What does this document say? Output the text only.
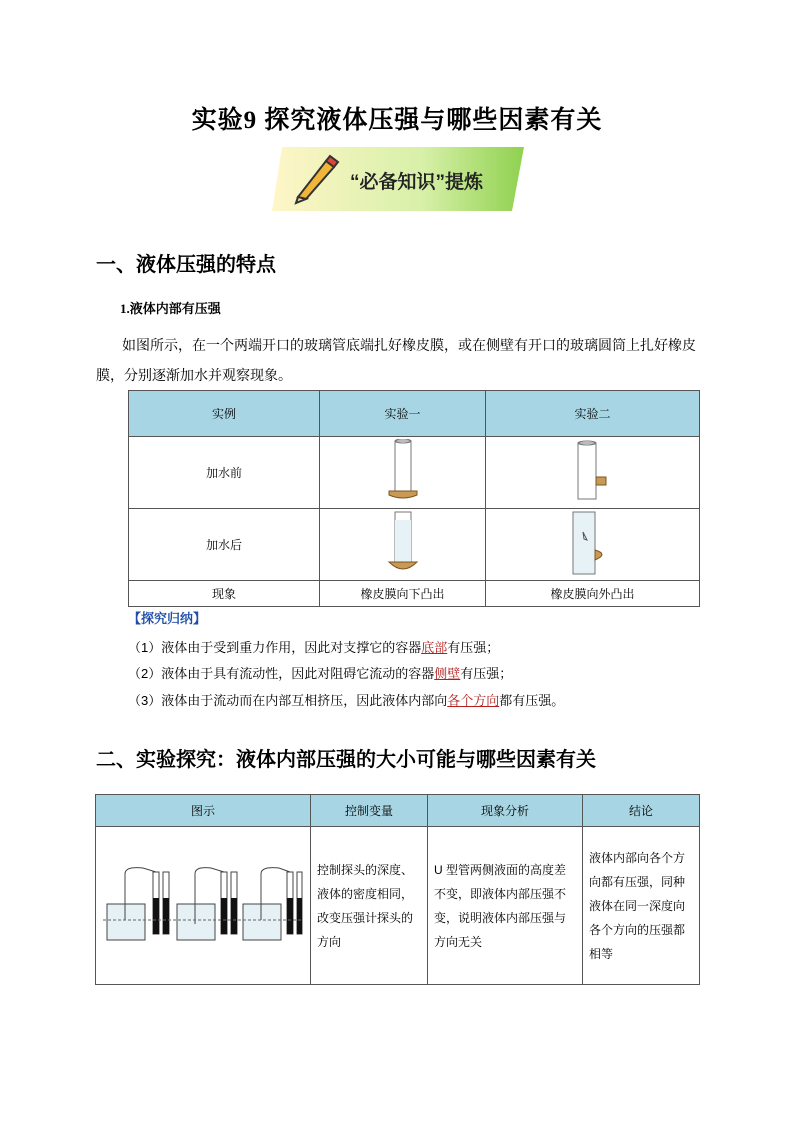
实验9 探究液体压强与哪些因素有关
“必备知识”提炼
一、液体压强的特点
1.液体内部有压强
如图所示，在一个两端开口的玻璃管底端扎好橡皮膜，或在侧壁有开口的玻璃圆筒上扎好橡皮膜，分别逐渐加水并观察现象。
实例	实验一	实验二
加水前		
加水后		
现象	橡皮膜向下凸出	橡皮膜向外凸出
【探究归纳】
（1）液体由于受到重力作用，因此对支撑它的容器底部有压强；
（2）液体由于具有流动性，因此对阻碍它流动的容器侧壁有压强；
（3）液体由于流动而在内部互相挤压，因此液体内部向各个方向都有压强。
二、实验探究：液体内部压强的大小可能与哪些因素有关
图示	控制变量	现象分析	结论
	控制探头的深度、液体的密度相同，改变压强计探头的方向	U 型管两侧液面的高度差不变，即液体内部压强不变，说明液体内部压强与方向无关	液体内部向各个方向都有压强，同种液体在同一深度向各个方向的压强都相等
